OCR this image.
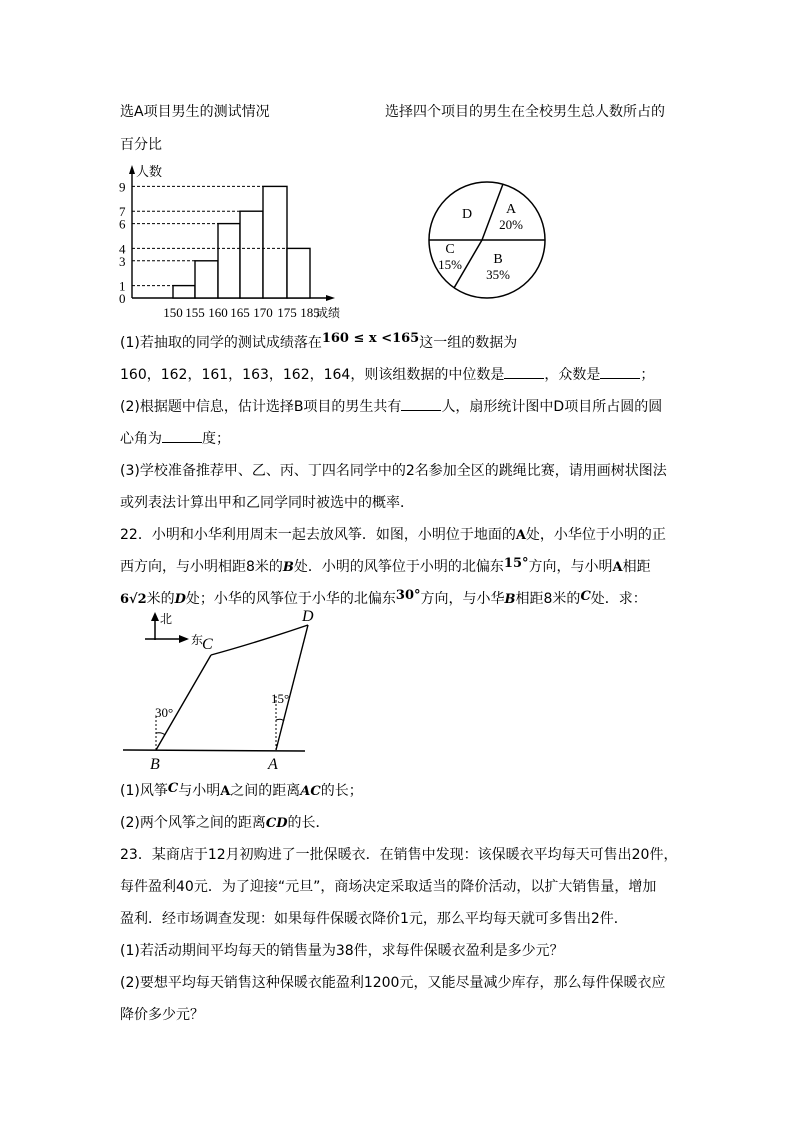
选A项目男生的测试情况	选择四个项目的男生在全校男生总人数所占的
百分比
人数
成绩
0
1
3
4
6
7
9
150 155 160 165 170 175 185
A
20%
B
35%
C
15%
D
(1)若抽取的同学的测试成绩落在160 ≤ x <165这一组的数据为
160，162，161，163，162，164，则该组数据的中位数是	，众数是	；
(2)根据题中信息，估计选择B项目的男生共有	人，扇形统计图中D项目所占圆的圆
心角为	度；
(3)学校准备推荐甲、乙、丙、丁四名同学中的2名参加全区的跳绳比赛，请用画树状图法
或列表法计算出甲和乙同学同时被选中的概率．
22．小明和小华利用周末一起去放风筝．如图，小明位于地面的A处，小华位于小明的正
西方向，与小明相距8米的B处．小明的风筝位于小明的北偏东15°方向，与小明A相距
6√2米的D处；小华的风筝位于小华的北偏东30°方向，与小华B相距8米的C处．求：
北
东
30°
15°
C
D
B	A
(1)风筝C与小明A之间的距离AC的长；
(2)两个风筝之间的距离CD的长．
23．某商店于12月初购进了一批保暖衣．在销售中发现：该保暖衣平均每天可售出20件，
每件盈利40元．为了迎接“元旦”，商场决定采取适当的降价活动，以扩大销售量，增加
盈利．经市场调查发现：如果每件保暖衣降价1元，那么平均每天就可多售出2件．
(1)若活动期间平均每天的销售量为38件，求每件保暖衣盈利是多少元？
(2)要想平均每天销售这种保暖衣能盈利1200元，又能尽量减少库存，那么每件保暖衣应
降价多少元？
